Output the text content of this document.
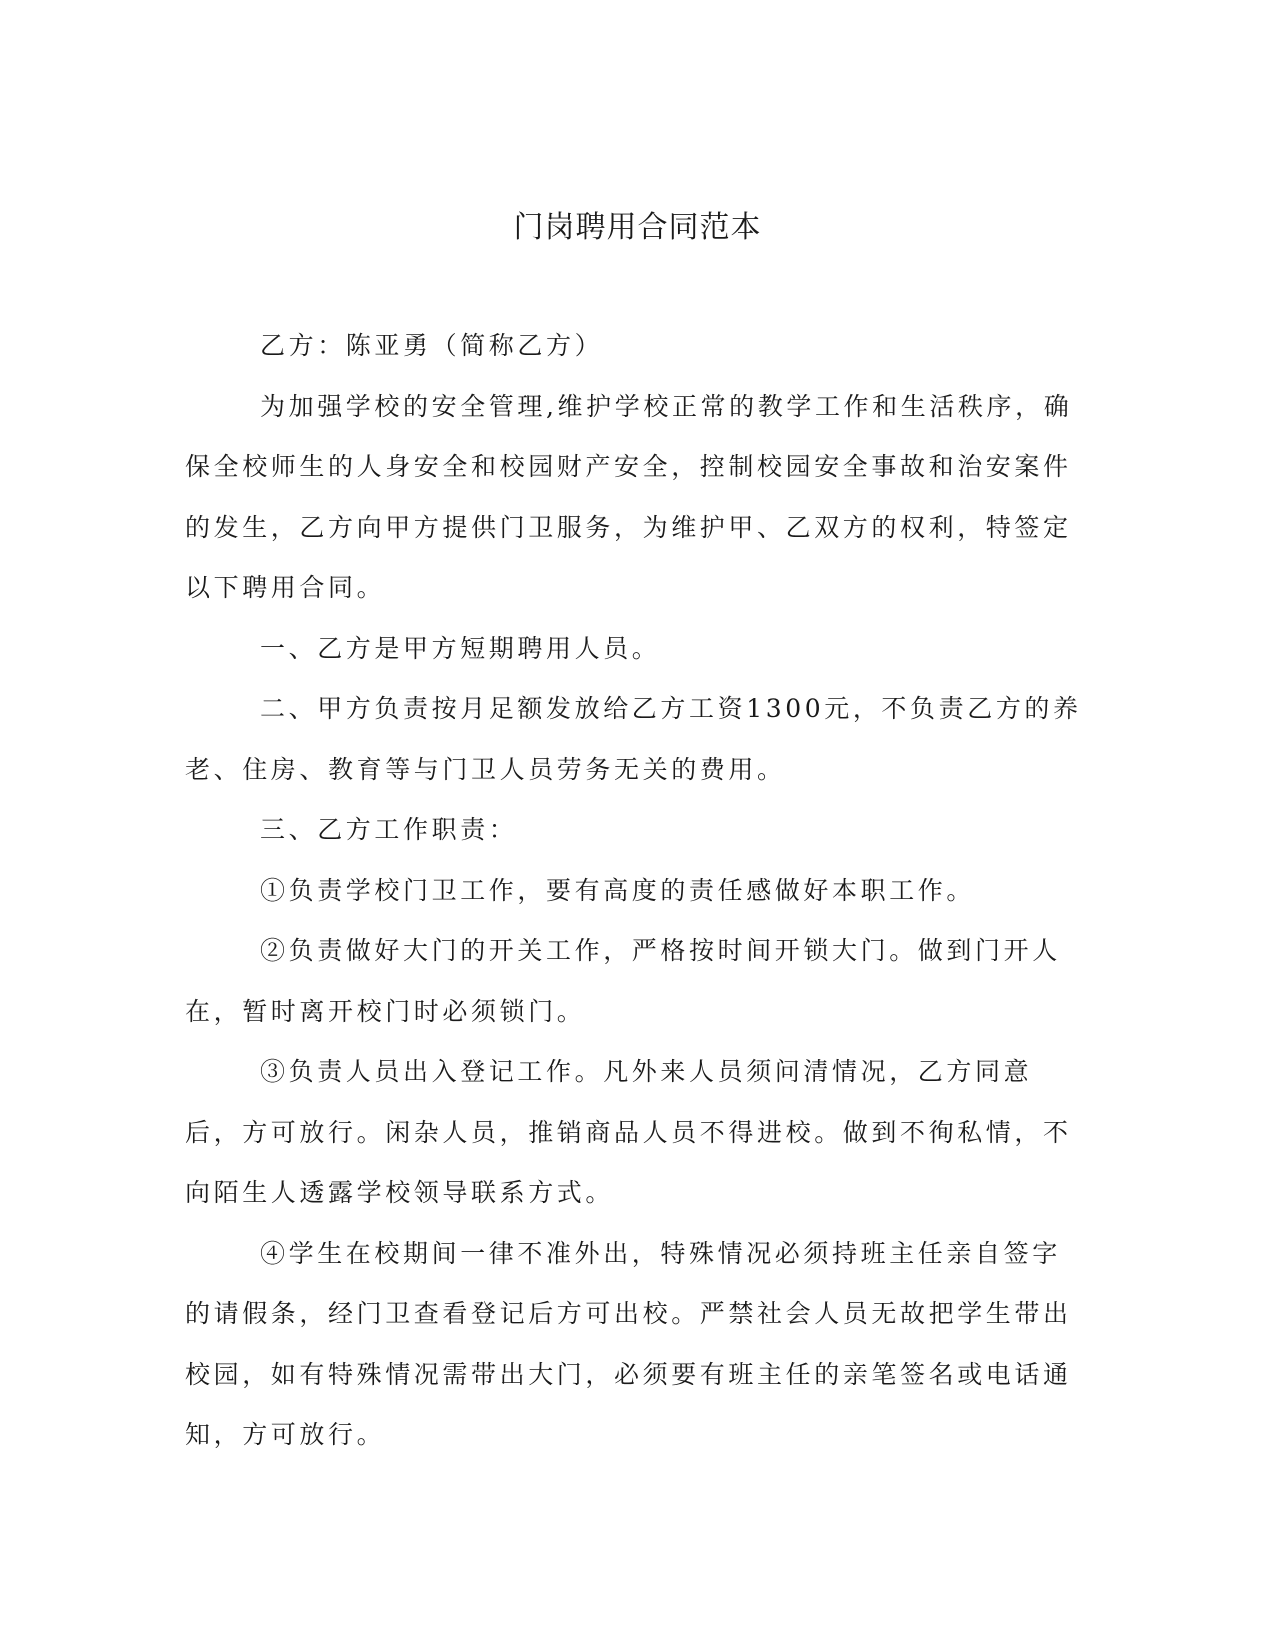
门岗聘用合同范本

乙方：陈亚勇（简称乙方）

为加强学校的安全管理,维护学校正常的教学工作和生活秩序，确保全校师生的人身安全和校园财产安全，控制校园安全事故和治安案件的发生，乙方向甲方提供门卫服务，为维护甲、乙双方的权利，特签定以下聘用合同。

一、乙方是甲方短期聘用人员。

二、甲方负责按月足额发放给乙方工资1300元，不负责乙方的养老、住房、教育等与门卫人员劳务无关的费用。

三、乙方工作职责：

①负责学校门卫工作，要有高度的责任感做好本职工作。

②负责做好大门的开关工作，严格按时间开锁大门。做到门开人在，暂时离开校门时必须锁门。

③负责人员出入登记工作。凡外来人员须问清情况，乙方同意后，方可放行。闲杂人员，推销商品人员不得进校。做到不徇私情，不向陌生人透露学校领导联系方式。

④学生在校期间一律不准外出，特殊情况必须持班主任亲自签字的请假条，经门卫查看登记后方可出校。严禁社会人员无故把学生带出校园，如有特殊情况需带出大门，必须要有班主任的亲笔签名或电话通知，方可放行。
